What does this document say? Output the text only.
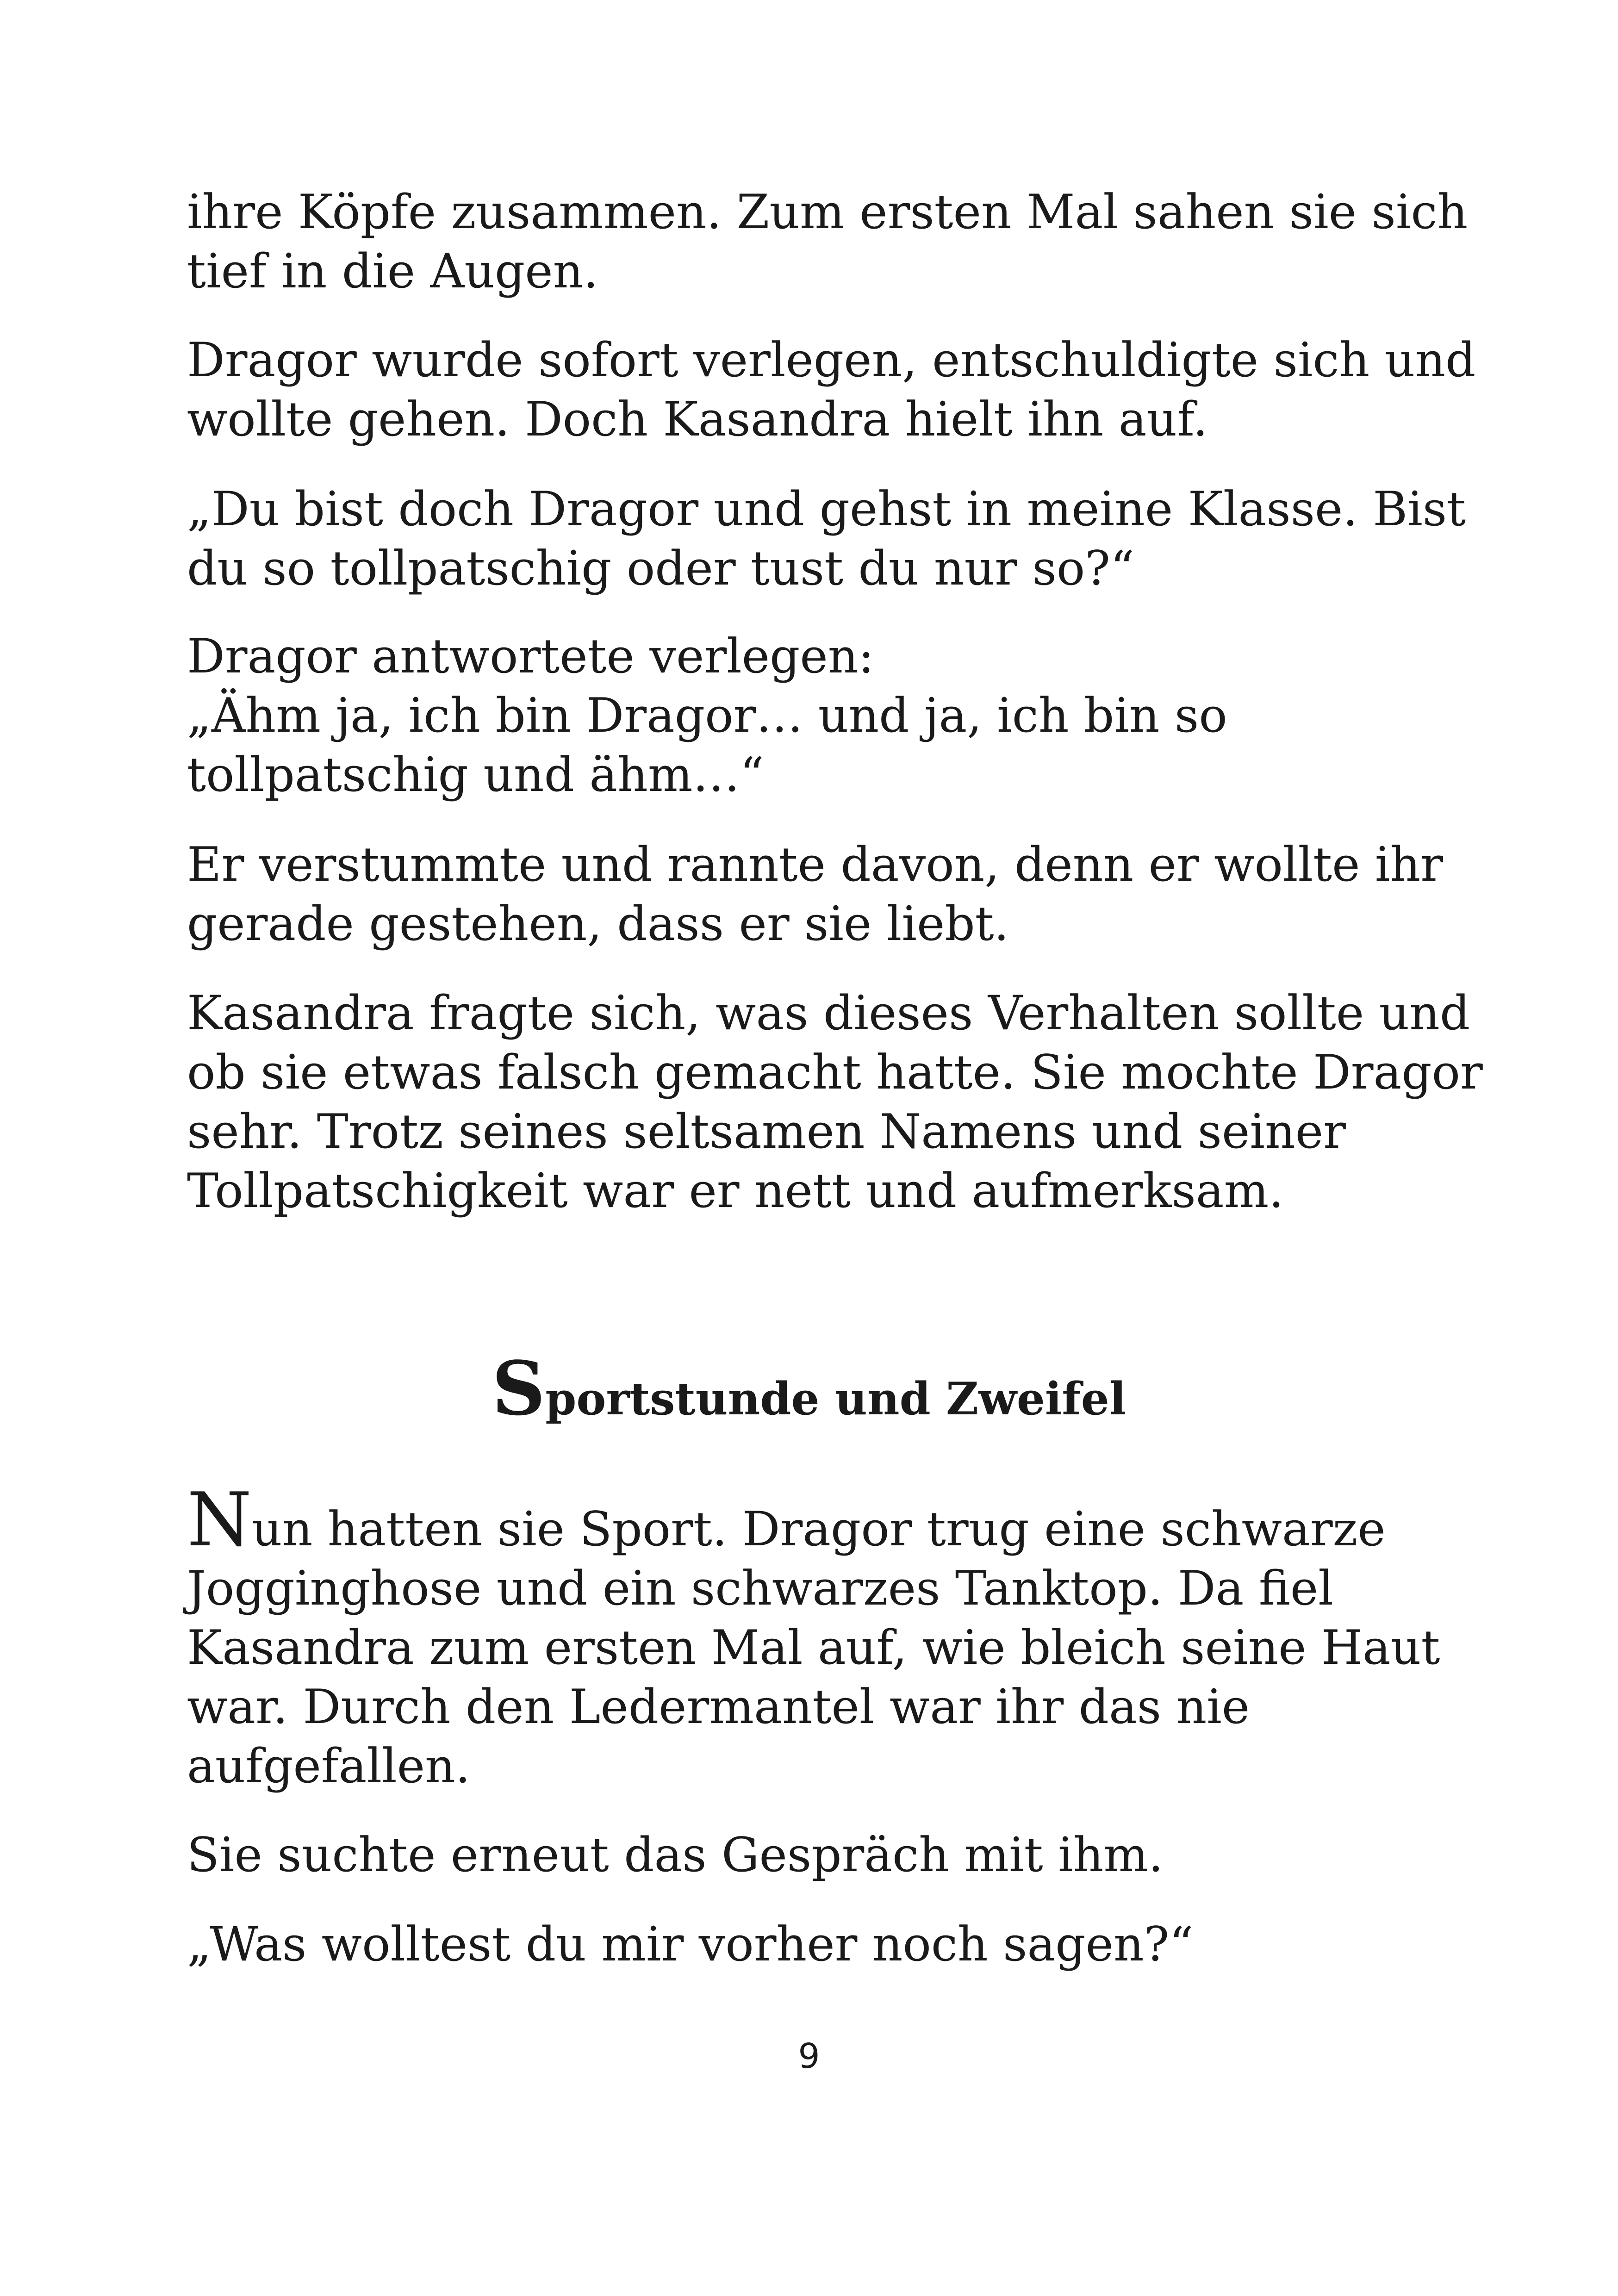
ihre Köpfe zusammen. Zum ersten Mal sahen sie sich
tief in die Augen.

Dragor wurde sofort verlegen, entschuldigte sich und
wollte gehen. Doch Kasandra hielt ihn auf.

„Du bist doch Dragor und gehst in meine Klasse. Bist
du so tollpatschig oder tust du nur so?“

Dragor antwortete verlegen:
„Ähm ja, ich bin Dragor… und ja, ich bin so
tollpatschig und ähm…“

Er verstummte und rannte davon, denn er wollte ihr
gerade gestehen, dass er sie liebt.

Kasandra fragte sich, was dieses Verhalten sollte und
ob sie etwas falsch gemacht hatte. Sie mochte Dragor
sehr. Trotz seines seltsamen Namens und seiner
Tollpatschigkeit war er nett und aufmerksam.

Sportstunde und Zweifel

Nun hatten sie Sport. Dragor trug eine schwarze
Jogginghose und ein schwarzes Tanktop. Da fiel
Kasandra zum ersten Mal auf, wie bleich seine Haut
war. Durch den Ledermantel war ihr das nie
aufgefallen.

Sie suchte erneut das Gespräch mit ihm.

„Was wolltest du mir vorher noch sagen?“

9
